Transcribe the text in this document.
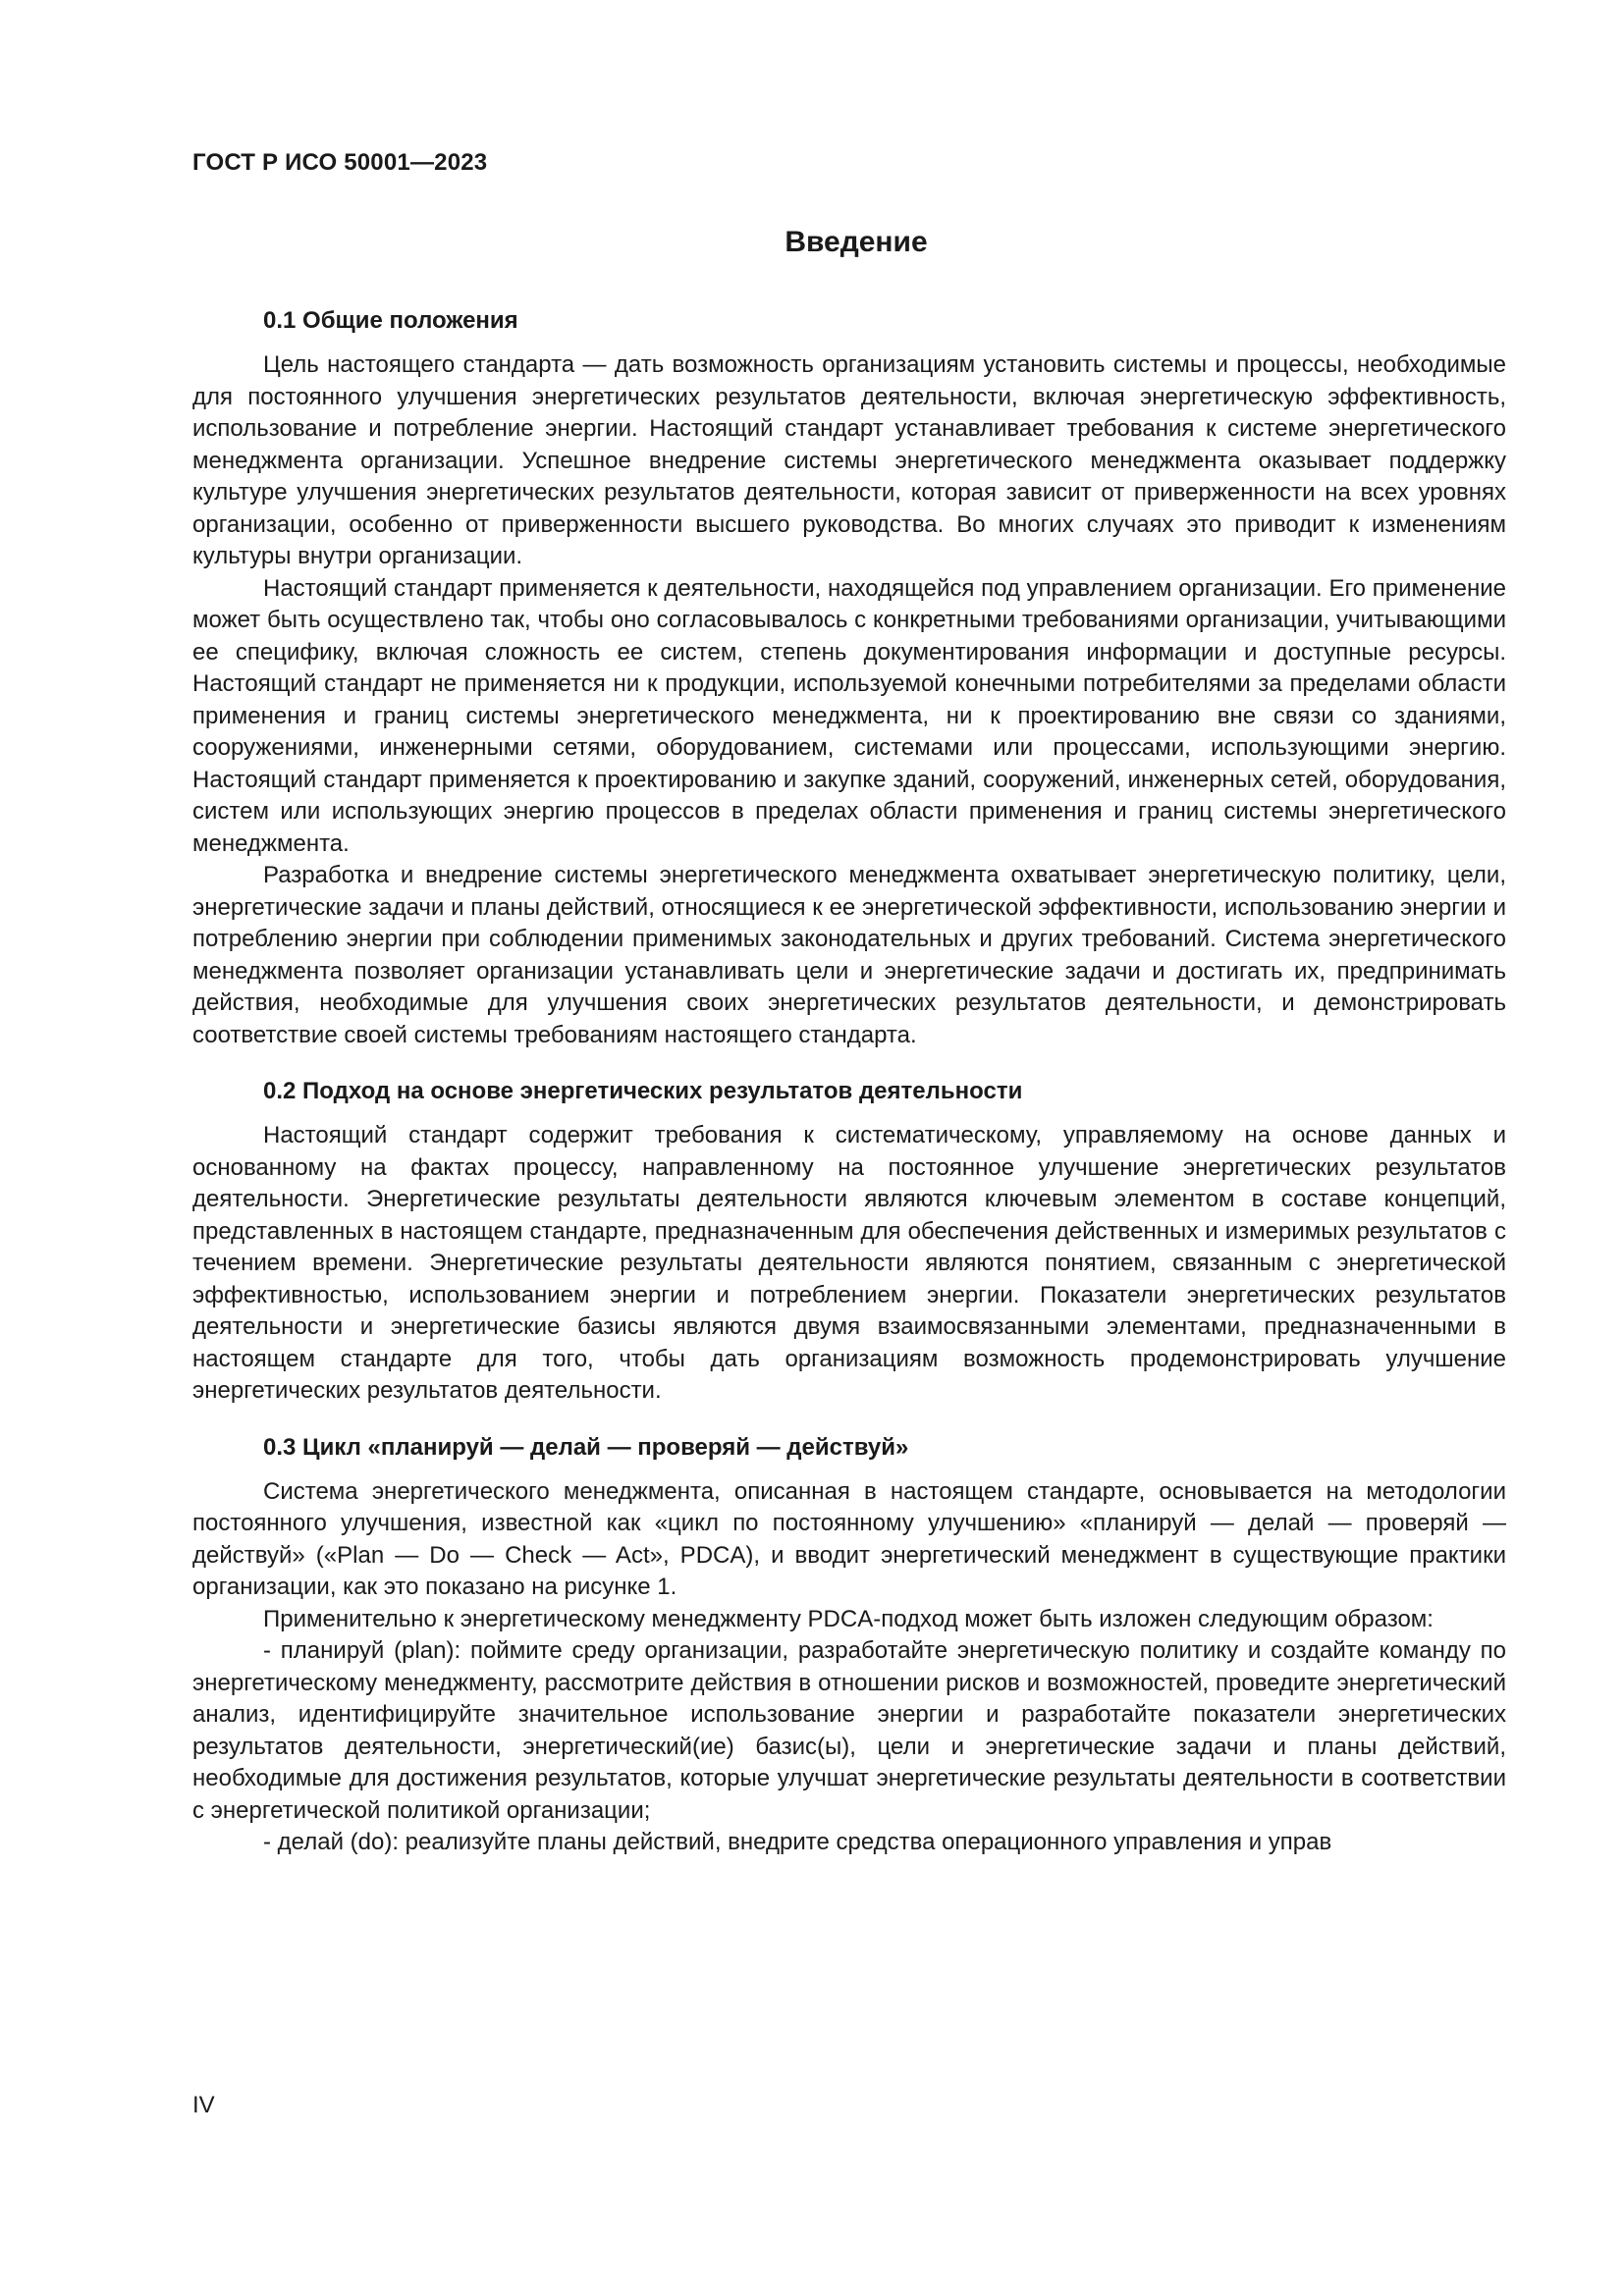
ГОСТ Р ИСО 50001—2023
Введение
0.1 Общие положения

Цель настоящего стандарта — дать возможность организациям установить системы и процессы, необходимые для постоянного улучшения энергетических результатов деятельности, включая энергетическую эффективность, использование и потребление энергии. Настоящий стандарт устанавливает требования к системе энергетического менеджмента организации. Успешное внедрение системы энергетического менеджмента оказывает поддержку культуре улучшения энергетических результатов деятельности, которая зависит от приверженности на всех уровнях организации, особенно от приверженности высшего руководства. Во многих случаях это приводит к изменениям культуры внутри организации.

Настоящий стандарт применяется к деятельности, находящейся под управлением организации. Его применение может быть осуществлено так, чтобы оно согласовывалось с конкретными требованиями организации, учитывающими ее специфику, включая сложность ее систем, степень документирования информации и доступные ресурсы. Настоящий стандарт не применяется ни к продукции, используемой конечными потребителями за пределами области применения и границ системы энергетического менеджмента, ни к проектированию вне связи со зданиями, сооружениями, инженерными сетями, оборудованием, системами или процессами, использующими энергию. Настоящий стандарт применяется к проектированию и закупке зданий, сооружений, инженерных сетей, оборудования, систем или использующих энергию процессов в пределах области применения и границ системы энергетического менеджмента.

Разработка и внедрение системы энергетического менеджмента охватывает энергетическую политику, цели, энергетические задачи и планы действий, относящиеся к ее энергетической эффективности, использованию энергии и потреблению энергии при соблюдении применимых законодательных и других требований. Система энергетического менеджмента позволяет организации устанавливать цели и энергетические задачи и достигать их, предпринимать действия, необходимые для улучшения своих энергетических результатов деятельности, и демонстрировать соответствие своей системы требованиям настоящего стандарта.

0.2 Подход на основе энергетических результатов деятельности

Настоящий стандарт содержит требования к систематическому, управляемому на основе данных и основанному на фактах процессу, направленному на постоянное улучшение энергетических результатов деятельности. Энергетические результаты деятельности являются ключевым элементом в составе концепций, представленных в настоящем стандарте, предназначенным для обеспечения действенных и измеримых результатов с течением времени. Энергетические результаты деятельности являются понятием, связанным с энергетической эффективностью, использованием энергии и потреблением энергии. Показатели энергетических результатов деятельности и энергетические базисы являются двумя взаимосвязанными элементами, предназначенными в настоящем стандарте для того, чтобы дать организациям возможность продемонстрировать улучшение энергетических результатов деятельности.

0.3 Цикл «планируй — делай — проверяй — действуй»

Система энергетического менеджмента, описанная в настоящем стандарте, основывается на методологии постоянного улучшения, известной как «цикл по постоянному улучшению» «планируй — делай — проверяй — действуй» («Plan — Do — Check — Act», PDCA), и вводит энергетический менеджмент в существующие практики организации, как это показано на рисунке 1.

Применительно к энергетическому менеджменту PDCA-подход может быть изложен следующим образом:

- планируй (plan): поймите среду организации, разработайте энергетическую политику и создайте команду по энергетическому менеджменту, рассмотрите действия в отношении рисков и возможностей, проведите энергетический анализ, идентифицируйте значительное использование энергии и разработайте показатели энергетических результатов деятельности, энергетический(ие) базис(ы), цели и энергетические задачи и планы действий, необходимые для достижения результатов, которые улучшат энергетические результаты деятельности в соответствии с энергетической политикой организации;

- делай (do): реализуйте планы действий, внедрите средства операционного управления и управ

IV
